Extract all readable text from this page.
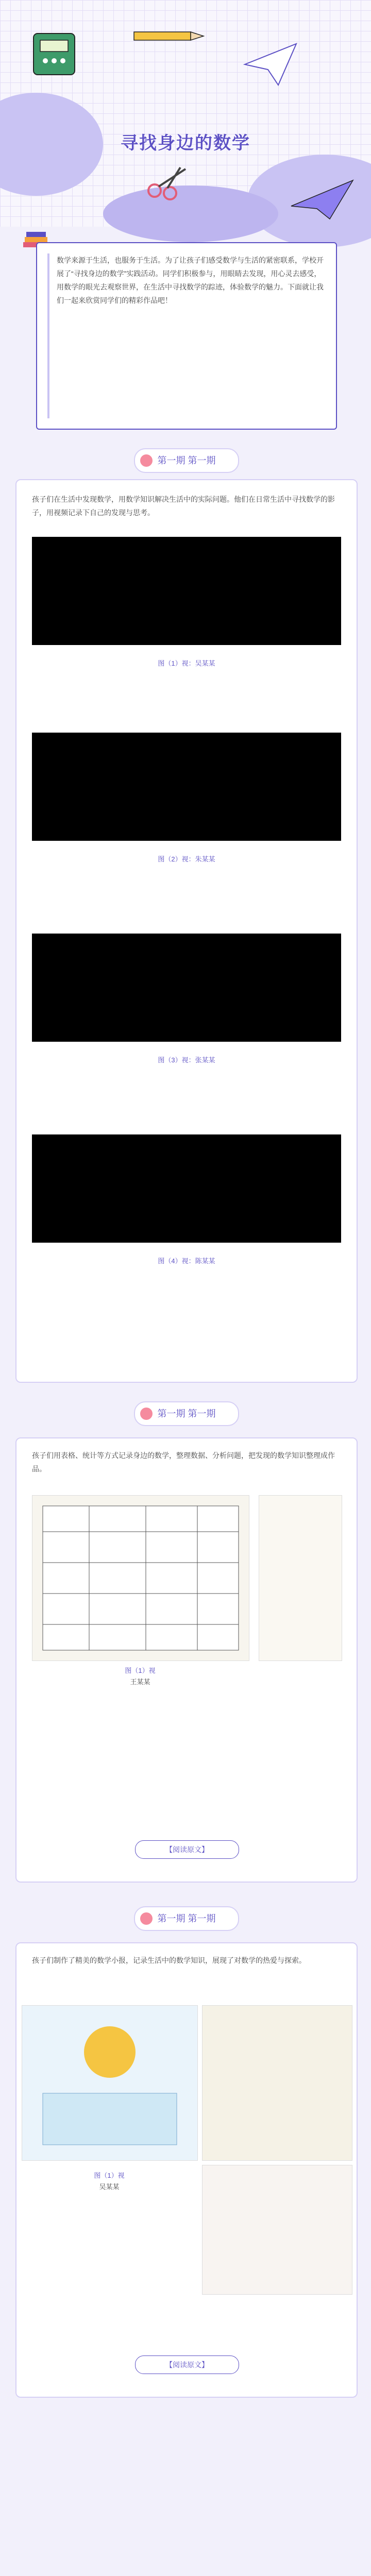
寻找身边的数学
数学来源于生活，也服务于生活。为了让孩子们感受数学与生活的紧密联系，学校开展了“寻找身边的数学”实践活动。同学们积极参与，用眼睛去发现，用心灵去感受，用数学的眼光去观察世界，在生活中寻找数学的踪迹，体验数学的魅力。下面就让我们一起来欣赏同学们的精彩作品吧！
第一期 第一期
孩子们在生活中发现数学，用数学知识解决生活中的实际问题。他们在日常生活中寻找数学的影子，用视频记录下自己的发现与思考。
图（1）视：吴某某
图（2）视：朱某某
图（3）视：张某某
图（4）视：陈某某
第一期 第一期
孩子们用表格、统计等方式记录身边的数学，整理数据、分析问题，把发现的数学知识整理成作品。
图（1）视
王某某
【阅读原文】
第一期 第一期
孩子们制作了精美的数学小报，记录生活中的数学知识，展现了对数学的热爱与探索。
图（1）视
吴某某
【阅读原文】
